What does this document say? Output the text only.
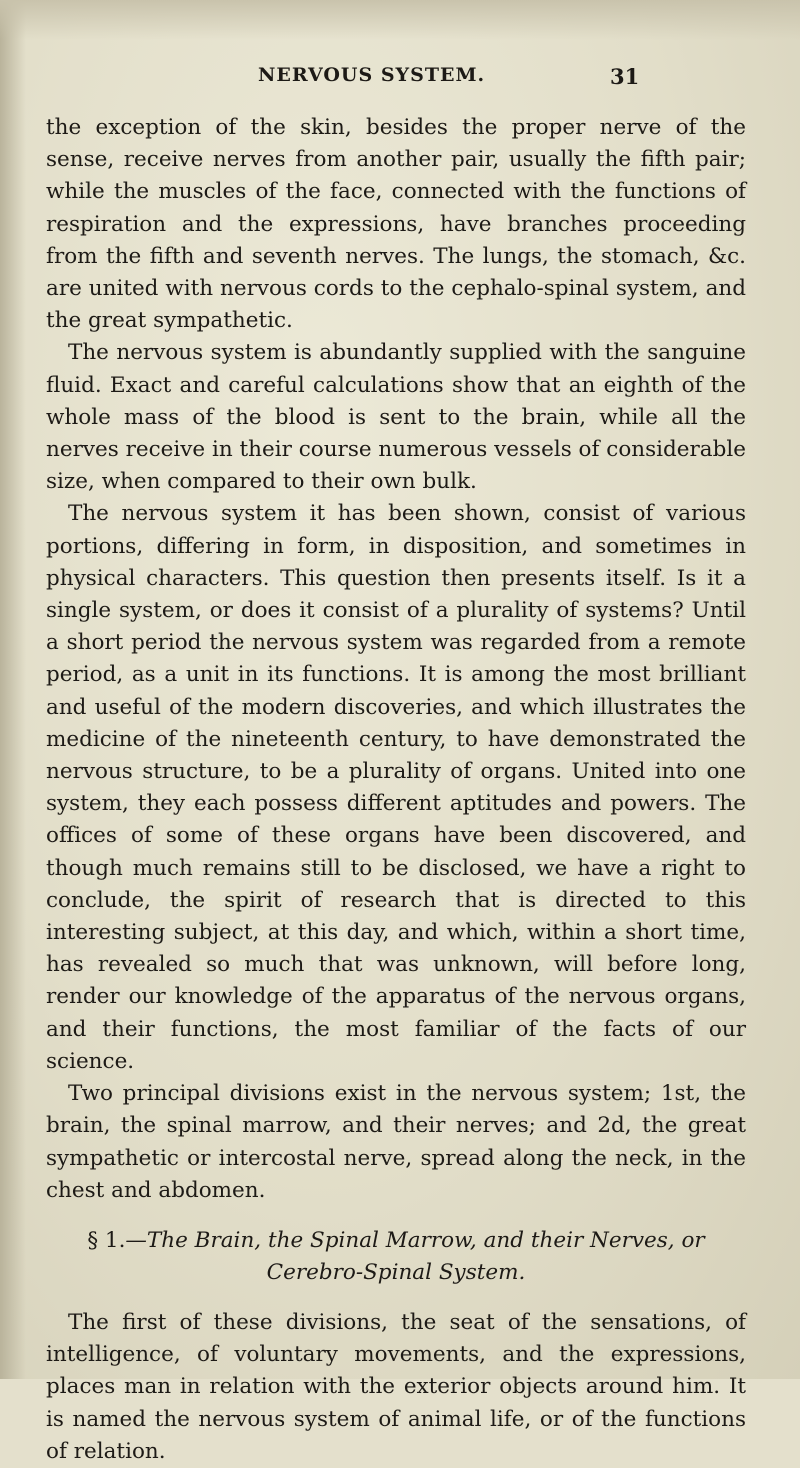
NERVOUS SYSTEM.	31

the exception of the skin, besides the proper nerve of the sense, receive nerves from another pair, usually the fifth pair; while the muscles of the face, connected with the functions of respiration and the expressions, have branches proceeding from the fifth and seventh nerves. The lungs, the stomach, &c. are united with nervous cords to the cephalo-spinal system, and the great sympathetic.

The nervous system is abundantly supplied with the sanguine fluid. Exact and careful calculations show that an eighth of the whole mass of the blood is sent to the brain, while all the nerves receive in their course numerous vessels of considerable size, when compared to their own bulk.

The nervous system it has been shown, consist of various portions, differing in form, in disposition, and sometimes in physical characters. This question then presents itself. Is it a single system, or does it consist of a plurality of systems? Until a short period the nervous system was regarded from a remote period, as a unit in its functions. It is among the most brilliant and useful of the modern discoveries, and which illustrates the medicine of the nineteenth century, to have demonstrated the nervous structure, to be a plurality of organs. United into one system, they each possess different aptitudes and powers. The offices of some of these organs have been discovered, and though much remains still to be disclosed, we have a right to conclude, the spirit of research that is directed to this interesting subject, at this day, and which, within a short time, has revealed so much that was unknown, will before long, render our knowledge of the apparatus of the nervous organs, and their functions, the most familiar of the facts of our science.

Two principal divisions exist in the nervous system; 1st, the brain, the spinal marrow, and their nerves; and 2d, the great sympathetic or intercostal nerve, spread along the neck, in the chest and abdomen.

§ 1.—The Brain, the Spinal Marrow, and their Nerves, or
Cerebro-Spinal System.

The first of these divisions, the seat of the sensations, of intelligence, of voluntary movements, and the expressions, places man in relation with the exterior objects around him. It is named the nervous system of animal life, or of the functions of relation.
